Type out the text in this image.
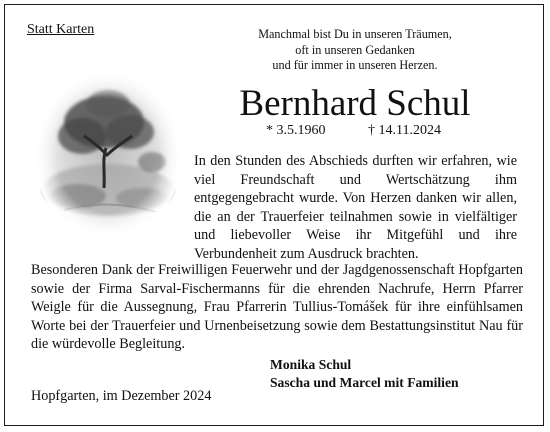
Statt Karten	Manchmal bist Du in unseren Träumen,
oft in unseren Gedanken
und für immer in unseren Herzen.
Bernhard Schul
* 3.5.1960	† 14.11.2024
In den Stunden des Abschieds durften wir erfahren, wie viel Freundschaft und Wertschätzung ihm entgegengebracht wurde. Von Herzen danken wir allen, die an der Trauerfeier teilnahmen sowie in vielfältiger und liebevoller Weise ihr Mitgefühl und ihre Verbundenheit zum Ausdruck brachten.
Besonderen Dank der Freiwilligen Feuerwehr und der Jagdgenossenschaft Hopfgarten sowie der Firma Sarval-Fischermanns für die ehrenden Nachrufe, Herrn Pfarrer Weigle für die Aussegnung, Frau Pfarrerin Tullius-Tomášek für ihre einfühlsamen Worte bei der Trauerfeier und Urnenbeisetzung sowie dem Bestattungsinstitut Nau für die würdevolle Begleitung.
Monika Schul
Sascha und Marcel mit Familien
Hopfgarten, im Dezember 2024
